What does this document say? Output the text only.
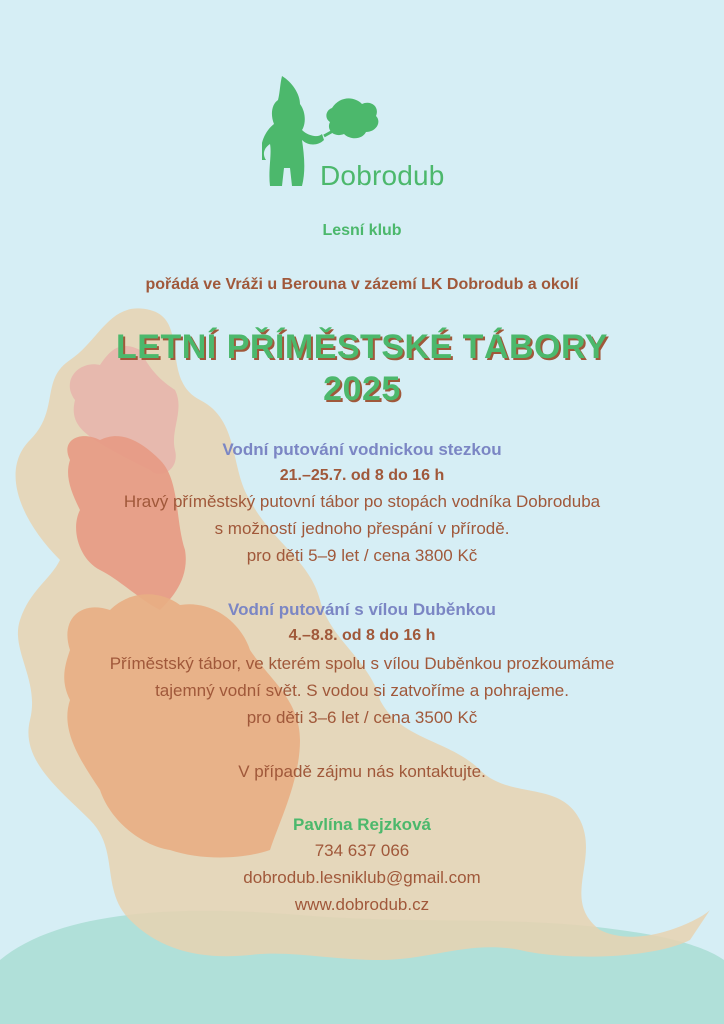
Dobrodub
Lesní klub
pořádá ve Vráži u Berouna v zázemí LK Dobrodub a okolí
LETNÍ PŘÍMĚSTSKÉ TÁBORY
2025
Vodní putování vodnickou stezkou
21.–25.7. od 8 do 16 h
Hravý příměstský putovní tábor po stopách vodníka Dobroduba
s možností jednoho přespání v přírodě.
pro děti 5–9 let / cena 3800 Kč
Vodní putování s vílou Duběnkou
4.–8.8. od 8 do 16 h
Příměstský tábor, ve kterém spolu s vílou Duběnkou prozkoumáme
tajemný vodní svět. S vodou si zatvoříme a pohrajeme.
pro děti 3–6 let / cena 3500 Kč
V případě zájmu nás kontaktujte.
Pavlína Rejzková
734 637 066
dobrodub.lesniklub@gmail.com
www.dobrodub.cz
